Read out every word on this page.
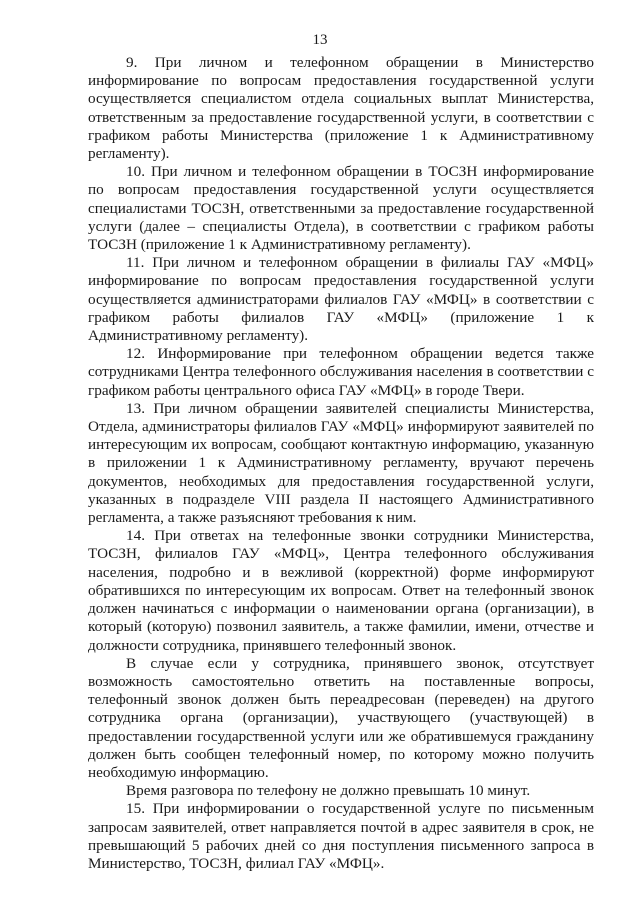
13

9. При личном и телефонном обращении в Министерство информирование по вопросам предоставления государственной услуги осуществляется специалистом отдела социальных выплат Министерства, ответственным за предоставление государственной услуги, в соответствии с графиком работы Министерства (приложение 1 к Административному регламенту).

10. При личном и телефонном обращении в ТОСЗН информирование по вопросам предоставления государственной услуги осуществляется специалистами ТОСЗН, ответственными за предоставление государственной услуги (далее – специалисты Отдела), в соответствии с графиком работы ТОСЗН (приложение 1 к Административному регламенту).

11. При личном и телефонном обращении в филиалы ГАУ «МФЦ» информирование по вопросам предоставления государственной услуги осуществляется администраторами филиалов ГАУ «МФЦ» в соответствии с графиком работы филиалов ГАУ «МФЦ» (приложение 1 к Административному регламенту).

12. Информирование при телефонном обращении ведется также сотрудниками Центра телефонного обслуживания населения в соответствии с графиком работы центрального офиса ГАУ «МФЦ» в городе Твери.

13. При личном обращении заявителей специалисты Министерства, Отдела, администраторы филиалов ГАУ «МФЦ» информируют заявителей по интересующим их вопросам, сообщают контактную информацию, указанную в приложении 1 к Административному регламенту, вручают перечень документов, необходимых для предоставления государственной услуги, указанных в подразделе VIII раздела II настоящего Административного регламента, а также разъясняют требования к ним.

14. При ответах на телефонные звонки сотрудники Министерства, ТОСЗН, филиалов ГАУ «МФЦ», Центра телефонного обслуживания населения, подробно и в вежливой (корректной) форме информируют обратившихся по интересующим их вопросам. Ответ на телефонный звонок должен начинаться с информации о наименовании органа (организации), в который (которую) позвонил заявитель, а также фамилии, имени, отчестве и должности сотрудника, принявшего телефонный звонок.

В случае если у сотрудника, принявшего звонок, отсутствует возможность самостоятельно ответить на поставленные вопросы, телефонный звонок должен быть переадресован (переведен) на другого сотрудника органа (организации), участвующего (участвующей) в предоставлении государственной услуги или же обратившемуся гражданину должен быть сообщен телефонный номер, по которому можно получить необходимую информацию.

Время разговора по телефону не должно превышать 10 минут.

15. При информировании о государственной услуге по письменным запросам заявителей, ответ направляется почтой в адрес заявителя в срок, не превышающий 5 рабочих дней со дня поступления письменного запроса в Министерство, ТОСЗН, филиал ГАУ «МФЦ».
